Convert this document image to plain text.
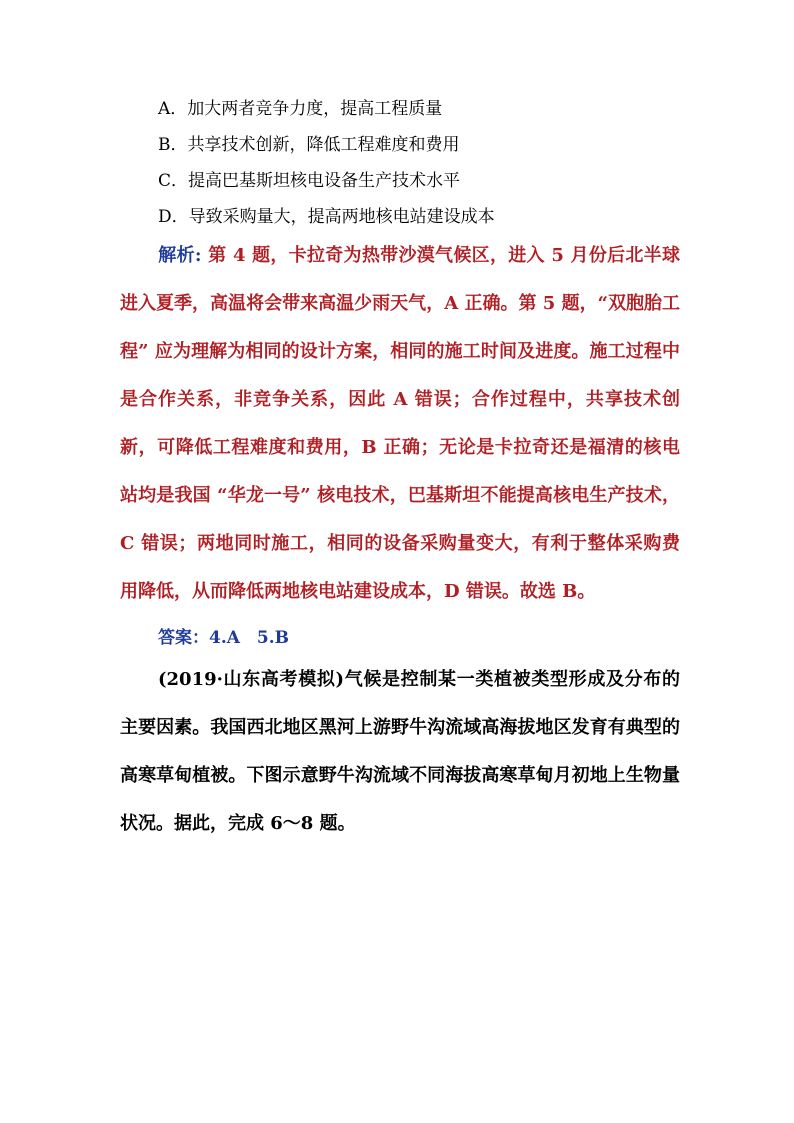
A．加大两者竞争力度，提高工程质量
B．共享技术创新，降低工程难度和费用
C．提高巴基斯坦核电设备生产技术水平
D．导致采购量大，提高两地核电站建设成本
解析: 第 4 题，卡拉奇为热带沙漠气候区，进入 5 月份后北半球进入夏季，高温将会带来高温少雨天气，A 正确。第 5 题，“双胞胎工程” 应为理解为相同的设计方案，相同的施工时间及进度。施工过程中是合作关系，非竞争关系，因此 A 错误；合作过程中，共享技术创新，可降低工程难度和费用，B 正确；无论是卡拉奇还是福清的核电站均是我国 “华龙一号” 核电技术，巴基斯坦不能提高核电生产技术，C 错误；两地同时施工，相同的设备采购量变大，有利于整体采购费用降低，从而降低两地核电站建设成本，D 错误。故选 B。
答案：4.A　5.B
(2019·山东高考模拟)气候是控制某一类植被类型形成及分布的主要因素。我国西北地区黑河上游野牛沟流域高海拔地区发育有典型的高寒草甸植被。下图示意野牛沟流域不同海拔高寒草甸月初地上生物量状况。据此，完成 6～8 题。
